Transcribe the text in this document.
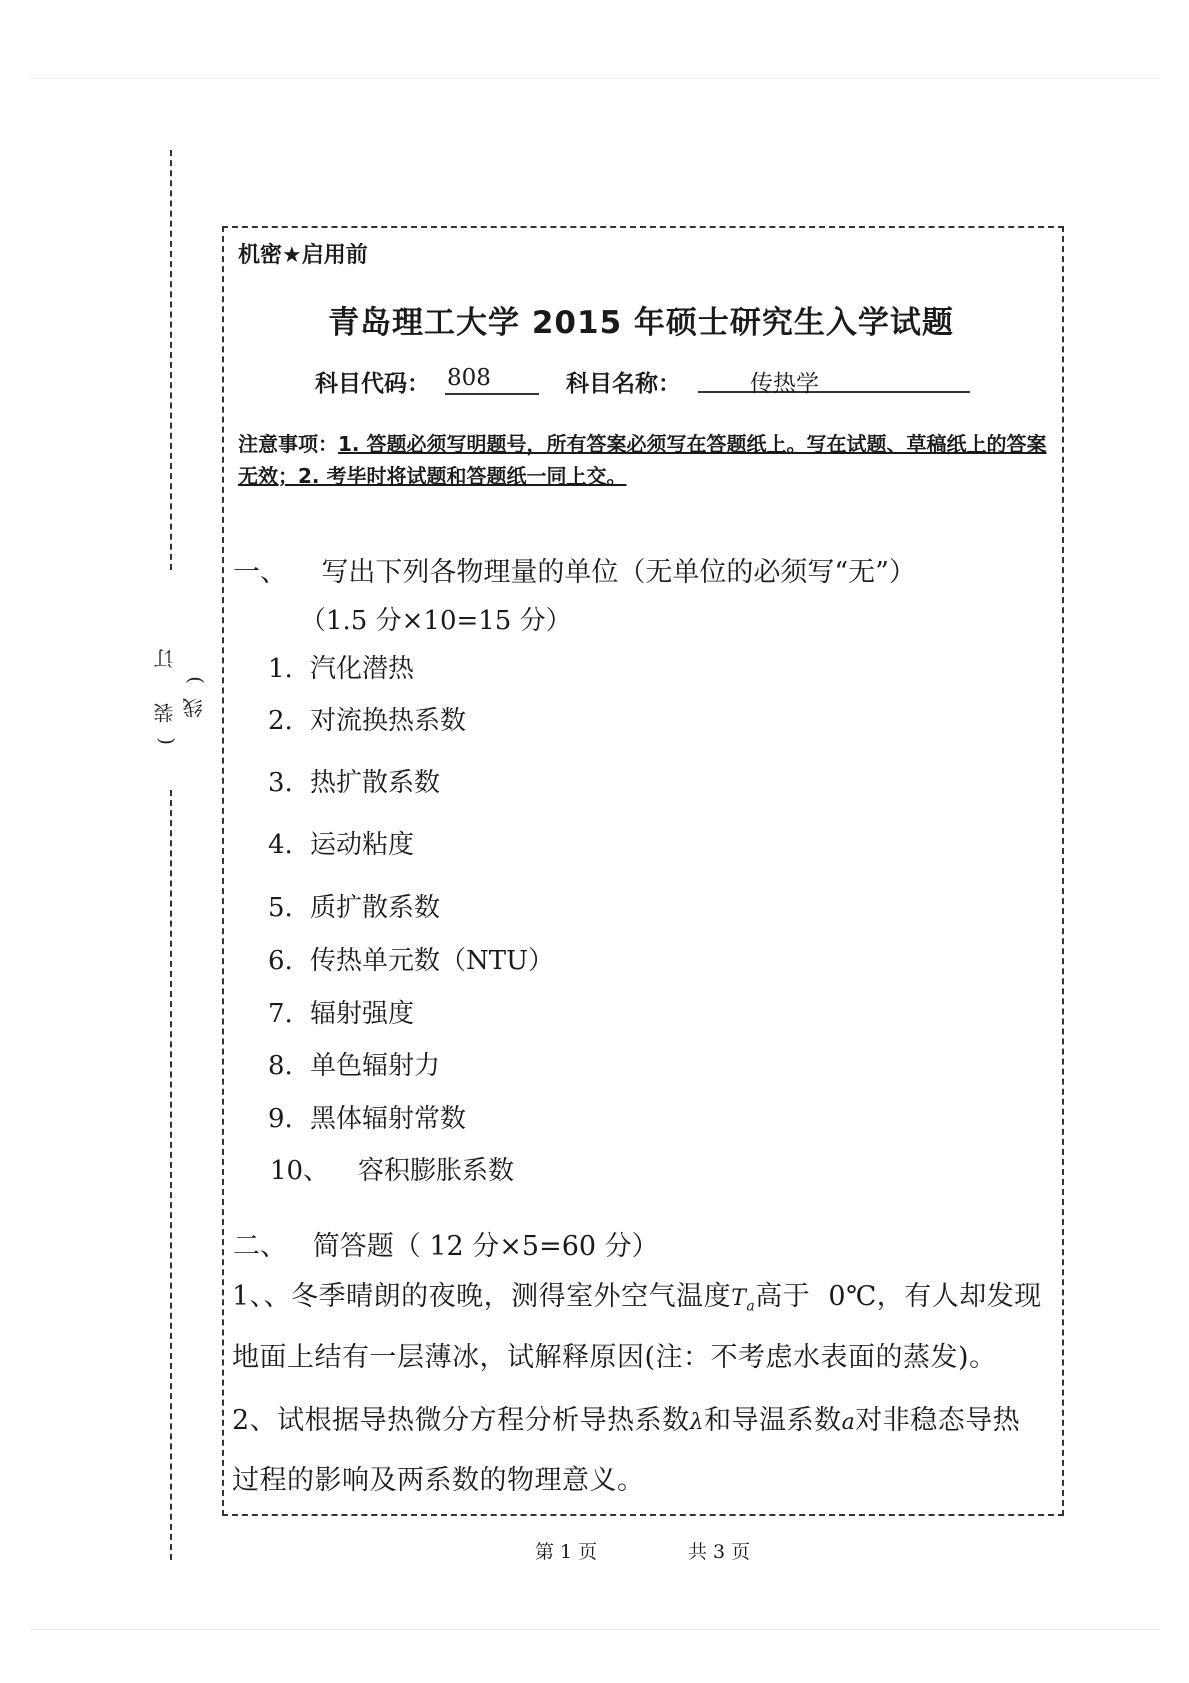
(装 订 线)
机密★启用前
青岛理工大学 2015 年硕士研究生入学试题
科目代码： 808	科目名称：	传热学
注意事项：1. 答题必须写明题号，所有答案必须写在答题纸上。写在试题、草稿纸上的答案无效；2. 考毕时将试题和答题纸一同上交。
一、    写出下列各物理量的单位（无单位的必须写“无”）
（1.5 分×10=15 分）
1. 汽化潜热
2. 对流换热系数
3. 热扩散系数
4. 运动粘度
5. 质扩散系数
6. 传热单元数（NTU）
7. 辐射强度
8. 单色辐射力
9. 黑体辐射常数
10、 容积膨胀系数
二、   简答题（ 12 分×5=60 分）
1、、冬季晴朗的夜晚，测得室外空气温度$T_a$高于  0℃，有人却发现
地面上结有一层薄冰，试解释原因(注：不考虑水表面的蒸发)。
2、试根据导热微分方程分析导热系数λ和导温系数a对非稳态导热
过程的影响及两系数的物理意义。
第 1 页	共 3 页
